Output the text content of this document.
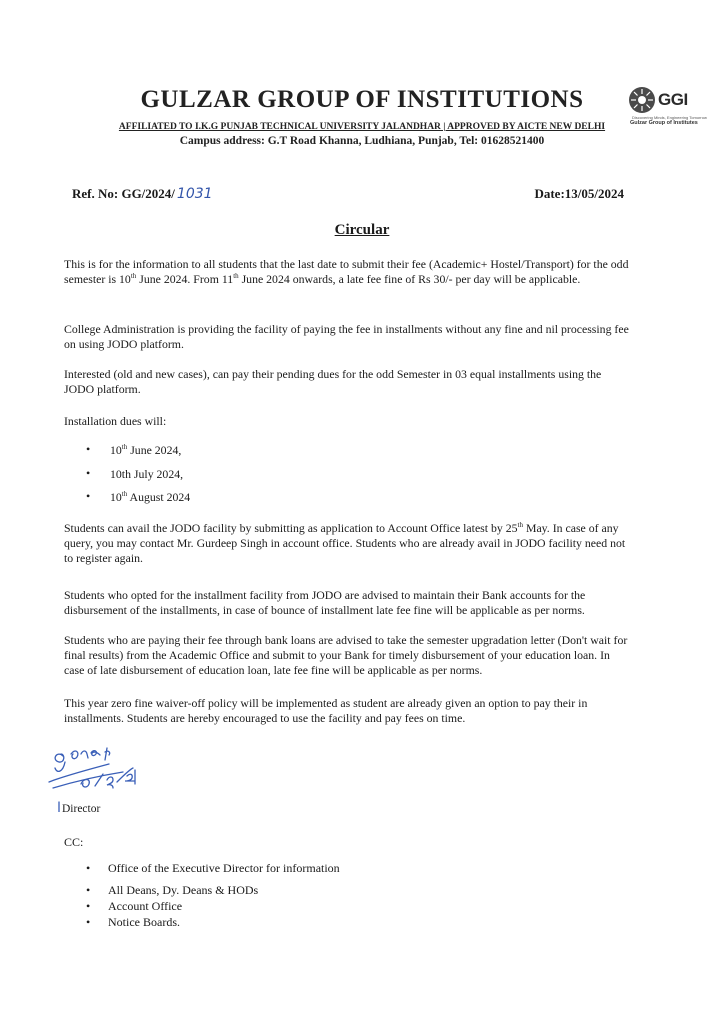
GULZAR GROUP OF INSTITUTIONS
AFFILIATED TO I.K.G PUNJAB TECHNICAL UNIVERSITY JALANDHAR | APPROVED BY AICTE NEW DELHI
Campus address: G.T Road Khanna, Ludhiana, Punjab, Tel: 01628521400
GGI
Discovering Minds, Engineering Tomorrow
Gulzar Group of Institutes
Ref. No: GG/2024/ 1031	Date:13/05/2024
Circular

This is for the information to all students that the last date to submit their fee (Academic+ Hostel/Transport) for the odd semester is 10th June 2024. From 11th June 2024 onwards, a late fee fine of Rs 30/- per day will be applicable.

College Administration is providing the facility of paying the fee in installments without any fine and nil processing fee on using JODO platform.

Interested (old and new cases), can pay their pending dues for the odd Semester in 03 equal installments using the JODO platform.

Installation dues will:

• 10th June 2024,
• 10th July 2024,
• 10th August 2024

Students can avail the JODO facility by submitting as application to Account Office latest by 25th May. In case of any query, you may contact Mr. Gurdeep Singh in account office. Students who are already avail in JODO facility need not to register again.

Students who opted for the installment facility from JODO are advised to maintain their Bank accounts for the disbursement of the installments, in case of bounce of installment late fee fine will be applicable as per norms.

Students who are paying their fee through bank loans are advised to take the semester upgradation letter (Don't wait for final results) from the Academic Office and submit to your Bank for timely disbursement of your education loan. In case of late disbursement of education loan, late fee fine will be applicable as per norms.

This year zero fine waiver-off policy will be implemented as student are already given an option to pay their in installments. Students are hereby encouraged to use the facility and pay fees on time.

Director
CC:
• Office of the Executive Director for information
• All Deans, Dy. Deans & HODs
• Account Office
• Notice Boards.
